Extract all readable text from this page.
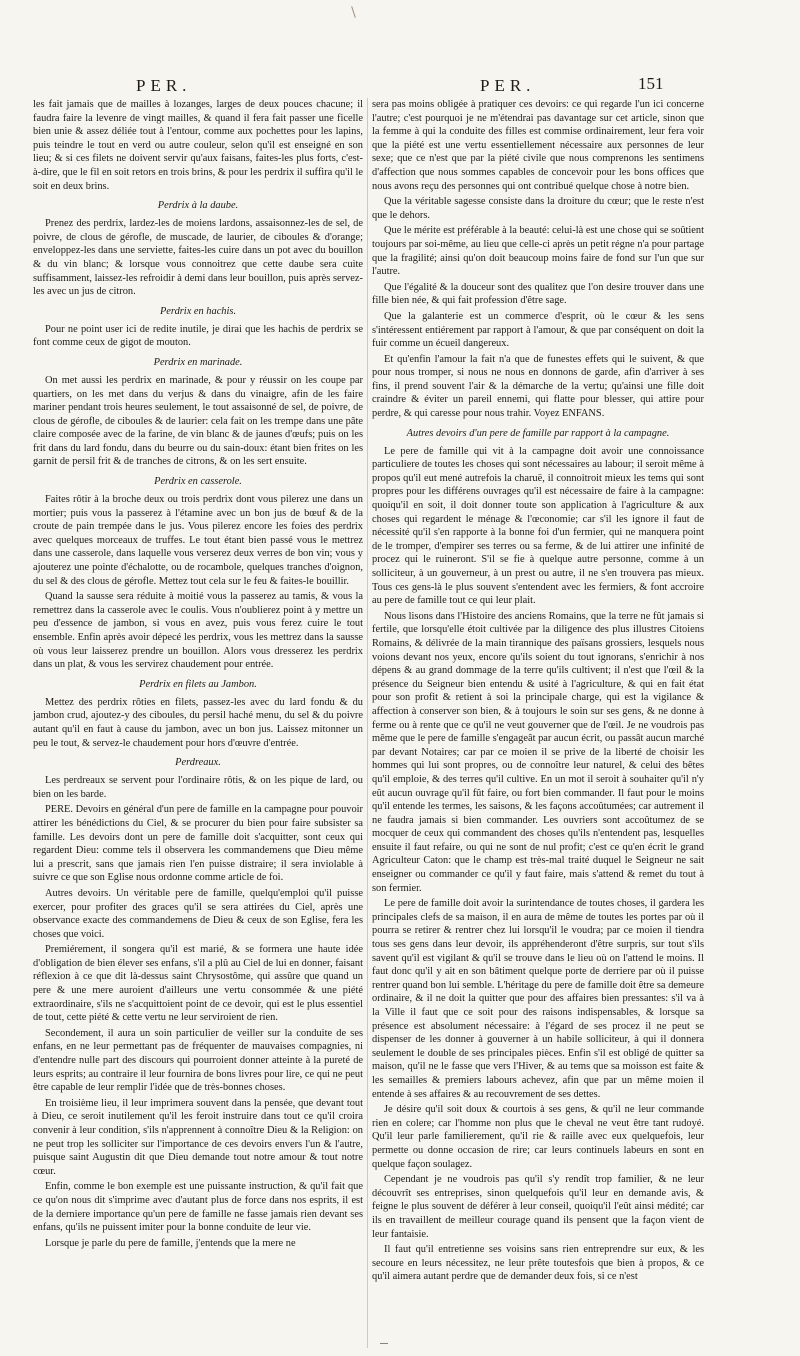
PER.	PER.	151

les fait jamais que de mailles à lozanges, larges de deux pouces chacune; il faudra faire la levenre de vingt mailles, & quand il fera fait passer une ficelle bien unie & assez déliée tout à l'entour, comme aux pochettes pour les lapins, puis teindre le tout en verd ou autre couleur, selon qu'il est enseigné en son lieu; & si ces filets ne doivent servir qu'aux faisans, faites-les plus forts, c'est-à-dire, que le fil en soit retors en trois brins, & pour les perdrix il suffira qu'il le soit en deux brins.

Perdrix à la daube.

Prenez des perdrix, lardez-les de moiens lardons, assaisonnez-les de sel, de poivre, de clous de gérofle, de muscade, de laurier, de ciboules & d'orange; enveloppez-les dans une serviette, faites-les cuire dans un pot avec du bouillon & du vin blanc; & lorsque vous connoitrez que cette daube sera cuite suffisamment, laissez-les refroidir à demi dans leur bouillon, puis après servez-les avec un jus de citron.

Perdrix en hachis.

Pour ne point user ici de redite inutile, je dirai que les hachis de perdrix se font comme ceux de gigot de mouton.

Perdrix en marinade.

On met aussi les perdrix en marinade, & pour y réussir on les coupe par quartiers, on les met dans du verjus & dans du vinaigre, afin de les faire mariner pendant trois heures seulement, le tout assaisonné de sel, de poivre, de clous de gérofle, de ciboules & de laurier: cela fait on les trempe dans une pâte claire composée avec de la farine, de vin blanc & de jaunes d'œufs; puis on les frit dans du lard fondu, dans du beurre ou du sain-doux: étant bien frites on les garnit de persil frit & de tranches de citrons, & on les sert ensuite.

Perdrix en casserole.

Faites rôtir à la broche deux ou trois perdrix dont vous pilerez une dans un mortier; puis vous la passerez à l'étamine avec un bon jus de bœuf & de la croute de pain trempée dans le jus. Vous pilerez encore les foies des perdrix avec quelques morceaux de truffes. Le tout étant bien passé vous le mettrez dans une casserole, dans laquelle vous verserez deux verres de bon vin; vous y ajouterez une pointe d'échalotte, ou de rocambole, quelques tranches d'oignon, du sel & des clous de gérofle. Mettez tout cela sur le feu & faites-le bouillir.

Quand la sausse sera réduite à moitié vous la passerez au tamis, & vous la remettrez dans la casserole avec le coulis. Vous n'oublierez point à y mettre un peu d'essence de jambon, si vous en avez, puis vous ferez cuire le tout ensemble. Enfin après avoir dépecé les perdrix, vous les mettrez dans la sausse où vous leur laisserez prendre un bouillon. Alors vous dresserez les perdrix dans un plat, & vous les servirez chaudement pour entrée.

Perdrix en filets au Jambon.

Mettez des perdrix rôties en filets, passez-les avec du lard fondu & du jambon crud, ajoutez-y des ciboules, du persil haché menu, du sel & du poivre autant qu'il en faut à cause du jambon, avec un bon jus. Laissez mitonner un peu le tout, & servez-le chaudement pour hors d'œuvre d'entrée.

Perdreaux.

Les perdreaux se servent pour l'ordinaire rôtis, & on les pique de lard, ou bien on les barde.

PERE. Devoirs en général d'un pere de famille en la campagne pour pouvoir attirer les bénédictions du Ciel, & se procurer du bien pour faire subsister sa famille. Les devoirs dont un pere de famille doit s'acquitter, sont ceux qui regardent Dieu: comme tels il observera les commandemens que Dieu même lui a prescrit, sans que jamais rien l'en puisse distraire; il sera inviolable à suivre ce que son Eglise nous ordonne comme article de foi.

Autres devoirs. Un véritable pere de famille, quelqu'emploi qu'il puisse exercer, pour profiter des graces qu'il se sera attirées du Ciel, après une observance exacte des commandemens de Dieu & ceux de son Eglise, fera les choses que voici.

Premiérement, il songera qu'il est marié, & se formera une haute idée d'obligation de bien élever ses enfans, s'il a plû au Ciel de lui en donner, faisant réflexion à ce que dit là-dessus saint Chrysostôme, qui assûre que quand un pere & une mere auroient d'ailleurs une vertu consommée & une piété extraordinaire, s'ils ne s'acquittoient point de ce devoir, qui est le plus essentiel de tout, cette piété & cette vertu ne leur serviroient de rien.

Secondement, il aura un soin particulier de veiller sur la conduite de ses enfans, en ne leur permettant pas de fréquenter de mauvaises compagnies, ni d'entendre nulle part des discours qui pourroient donner atteinte à la pureté de leurs esprits; au contraire il leur fournira de bons livres pour lire, ce qui ne peut être capable de leur remplir l'idée que de très-bonnes choses.

En troisième lieu, il leur imprimera souvent dans la pensée, que devant tout à Dieu, ce seroit inutilement qu'il les feroit instruire dans tout ce qu'il croira convenir à leur condition, s'ils n'apprennent à connoître Dieu & la Religion: on ne peut trop les solliciter sur l'importance de ces devoirs envers l'un & l'autre, puisque saint Augustin dit que Dieu demande tout notre amour & tout notre cœur.

Enfin, comme le bon exemple est une puissante instruction, & qu'il fait que ce qu'on nous dit s'imprime avec d'autant plus de force dans nos esprits, il est de la derniere importance qu'un pere de famille ne fasse jamais rien devant ses enfans, qu'ils ne puissent imiter pour la bonne conduite de leur vie.

Lorsque je parle du pere de famille, j'entends que la mere ne

sera pas moins obligée à pratiquer ces devoirs: ce qui regarde l'un ici concerne l'autre; c'est pourquoi je ne m'étendrai pas davantage sur cet article, sinon que la femme à qui la conduite des filles est commise ordinairement, leur fera voir que la piété est une vertu essentiellement nécessaire aux personnes de leur sexe; que ce n'est que par la piété civile que nous comprenons les sentimens d'affection que nous sommes capables de concevoir pour les bons offices que nous avons reçu des personnes qui ont contribué quelque chose à notre bien.

Que la véritable sagesse consiste dans la droiture du cœur; que le reste n'est que le dehors.

Que le mérite est préférable à la beauté: celui-là est une chose qui se soûtient toujours par soi-même, au lieu que celle-ci après un petit régne n'a pour partage que la fragilité; ainsi qu'on doit beaucoup moins faire de fond sur l'un que sur l'autre.

Que l'égalité & la douceur sont des qualitez que l'on desire trouver dans une fille bien née, & qui fait profession d'être sage.

Que la galanterie est un commerce d'esprit, où le cœur & les sens s'intéressent entiérement par rapport à l'amour, & que par conséquent on doit la fuir comme un écueil dangereux.

Et qu'enfin l'amour la fait n'a que de funestes effets qui le suivent, & que pour nous tromper, si nous ne nous en donnons de garde, afin d'arriver à ses fins, il prend souvent l'air & la démarche de la vertu; qu'ainsi une fille doit craindre & éviter un pareil ennemi, qui flatte pour blesser, qui attire pour perdre, & qui caresse pour nous trahir. Voyez ENFANS.

Autres devoirs d'un pere de famille par rapport à la campagne.

Le pere de famille qui vit à la campagne doit avoir une connoissance particuliere de toutes les choses qui sont nécessaires au labour; il seroit même à propos qu'il eut mené autrefois la charuë, il connoitroit mieux les tems qui sont propres pour les différens ouvrages qu'il est nécessaire de faire à la campagne: quoiqu'il en soit, il doit donner toute son application à l'agriculture & aux choses qui regardent le ménage & l'œconomie; car s'il les ignore il faut de nécessité qu'il s'en rapporte à la bonne foi d'un fermier, qui ne manquera point de le tromper, d'empirer ses terres ou sa ferme, & de lui attirer une infinité de procez qui le ruineront. S'il se fie à quelque autre personne, comme à un solliciteur, à un gouverneur, à un prest ou autre, il ne s'en trouvera pas mieux. Tous ces gens-là le plus souvent s'entendent avec les fermiers, & font accroire au pere de famille tout ce qui leur plait.

Nous lisons dans l'Histoire des anciens Romains, que la terre ne fût jamais si fertile, que lorsqu'elle étoit cultivée par la diligence des plus illustres Citoiens Romains, & délivrée de la main tirannique des païsans grossiers, lesquels nous voions devant nos yeux, encore qu'ils soient du tout ignorans, s'enrichir à nos dépens & au grand dommage de la terre qu'ils cultivent; il n'est que l'œil & la présence du Seigneur bien entendu & usité à l'agriculture, & qui en fait état pour son profit & retient à soi la principale charge, qui est la vigilance & affection à conserver son bien, & à toujours le soin sur ses gens, & ne donne à ferme ou à rente que ce qu'il ne veut gouverner que de l'œil. Je ne voudrois pas même que le pere de famille s'engageât par aucun écrit, ou passât aucun marché par devant Notaires; car par ce moien il se prive de la liberté de choisir les hommes qui lui sont propres, ou de connoître leur naturel, & celui des bêtes qu'il emploie, & des terres qu'il cultive. En un mot il seroit à souhaiter qu'il n'y eût aucun ouvrage qu'il fût faire, ou fort bien commander. Il faut pour le moins qu'il entende les termes, les saisons, & les façons accoûtumées; car autrement il ne faudra jamais si bien commander. Les ouvriers sont accoûtumez de se mocquer de ceux qui commandent des choses qu'ils n'entendent pas, lesquelles ensuite il faut refaire, ou qui ne sont de nul profit; c'est ce qu'en écrit le grand Agriculteur Caton: que le champ est très-mal traité duquel le Seigneur ne sait enseigner ou commander ce qu'il y faut faire, mais s'attend & remet du tout à son fermier.

Le pere de famille doit avoir la surintendance de toutes choses, il gardera les principales clefs de sa maison, il en aura de même de toutes les portes par où il pourra se retirer & rentrer chez lui lorsqu'il le voudra; par ce moien il tiendra tous ses gens dans leur devoir, ils appréhenderont d'être surpris, sur tout s'ils savent qu'il est vigilant & qu'il se trouve dans le lieu où on l'attend le moins. Il faut donc qu'il y ait en son bâtiment quelque porte de derriere par où il puisse rentrer quand bon lui semble. L'héritage du pere de famille doit être sa demeure ordinaire, & il ne doit la quitter que pour des affaires bien pressantes: s'il va à la Ville il faut que ce soit pour des raisons indispensables, & lorsque sa présence est absolument nécessaire: à l'égard de ses procez il ne peut se dispenser de les donner à gouverner à un habile solliciteur, à qui il donnera seulement le double de ses principales pièces. Enfin s'il est obligé de quitter sa maison, qu'il ne le fasse que vers l'Hiver, & au tems que sa moisson est faite & les semailles & premiers labours achevez, afin que par un même moien il entende à ses affaires & au recouvrement de ses dettes.

Je désire qu'il soit doux & courtois à ses gens, & qu'il ne leur commande rien en colere; car l'homme non plus que le cheval ne veut être tant rudoyé. Qu'il leur parle familierement, qu'il rie & raille avec eux quelquefois, leur permette ou donne occasion de rire; car leurs continuels labeurs en sont en quelque façon soulagez.

Cependant je ne voudrois pas qu'il s'y rendît trop familier, & ne leur découvrît ses entreprises, sinon quelquefois qu'il leur en demande avis, & feigne le plus souvent de déférer à leur conseil, quoiqu'il l'eût ainsi médité; car ils en travaillent de meilleur courage quand ils pensent que la façon vient de leur fantaisie.

Il faut qu'il entretienne ses voisins sans rien entreprendre sur eux, & les secoure en leurs nécessitez, ne leur prête toutesfois que bien à propos, & ce qu'il aimera autant perdre que de demander deux fois, si ce n'est
